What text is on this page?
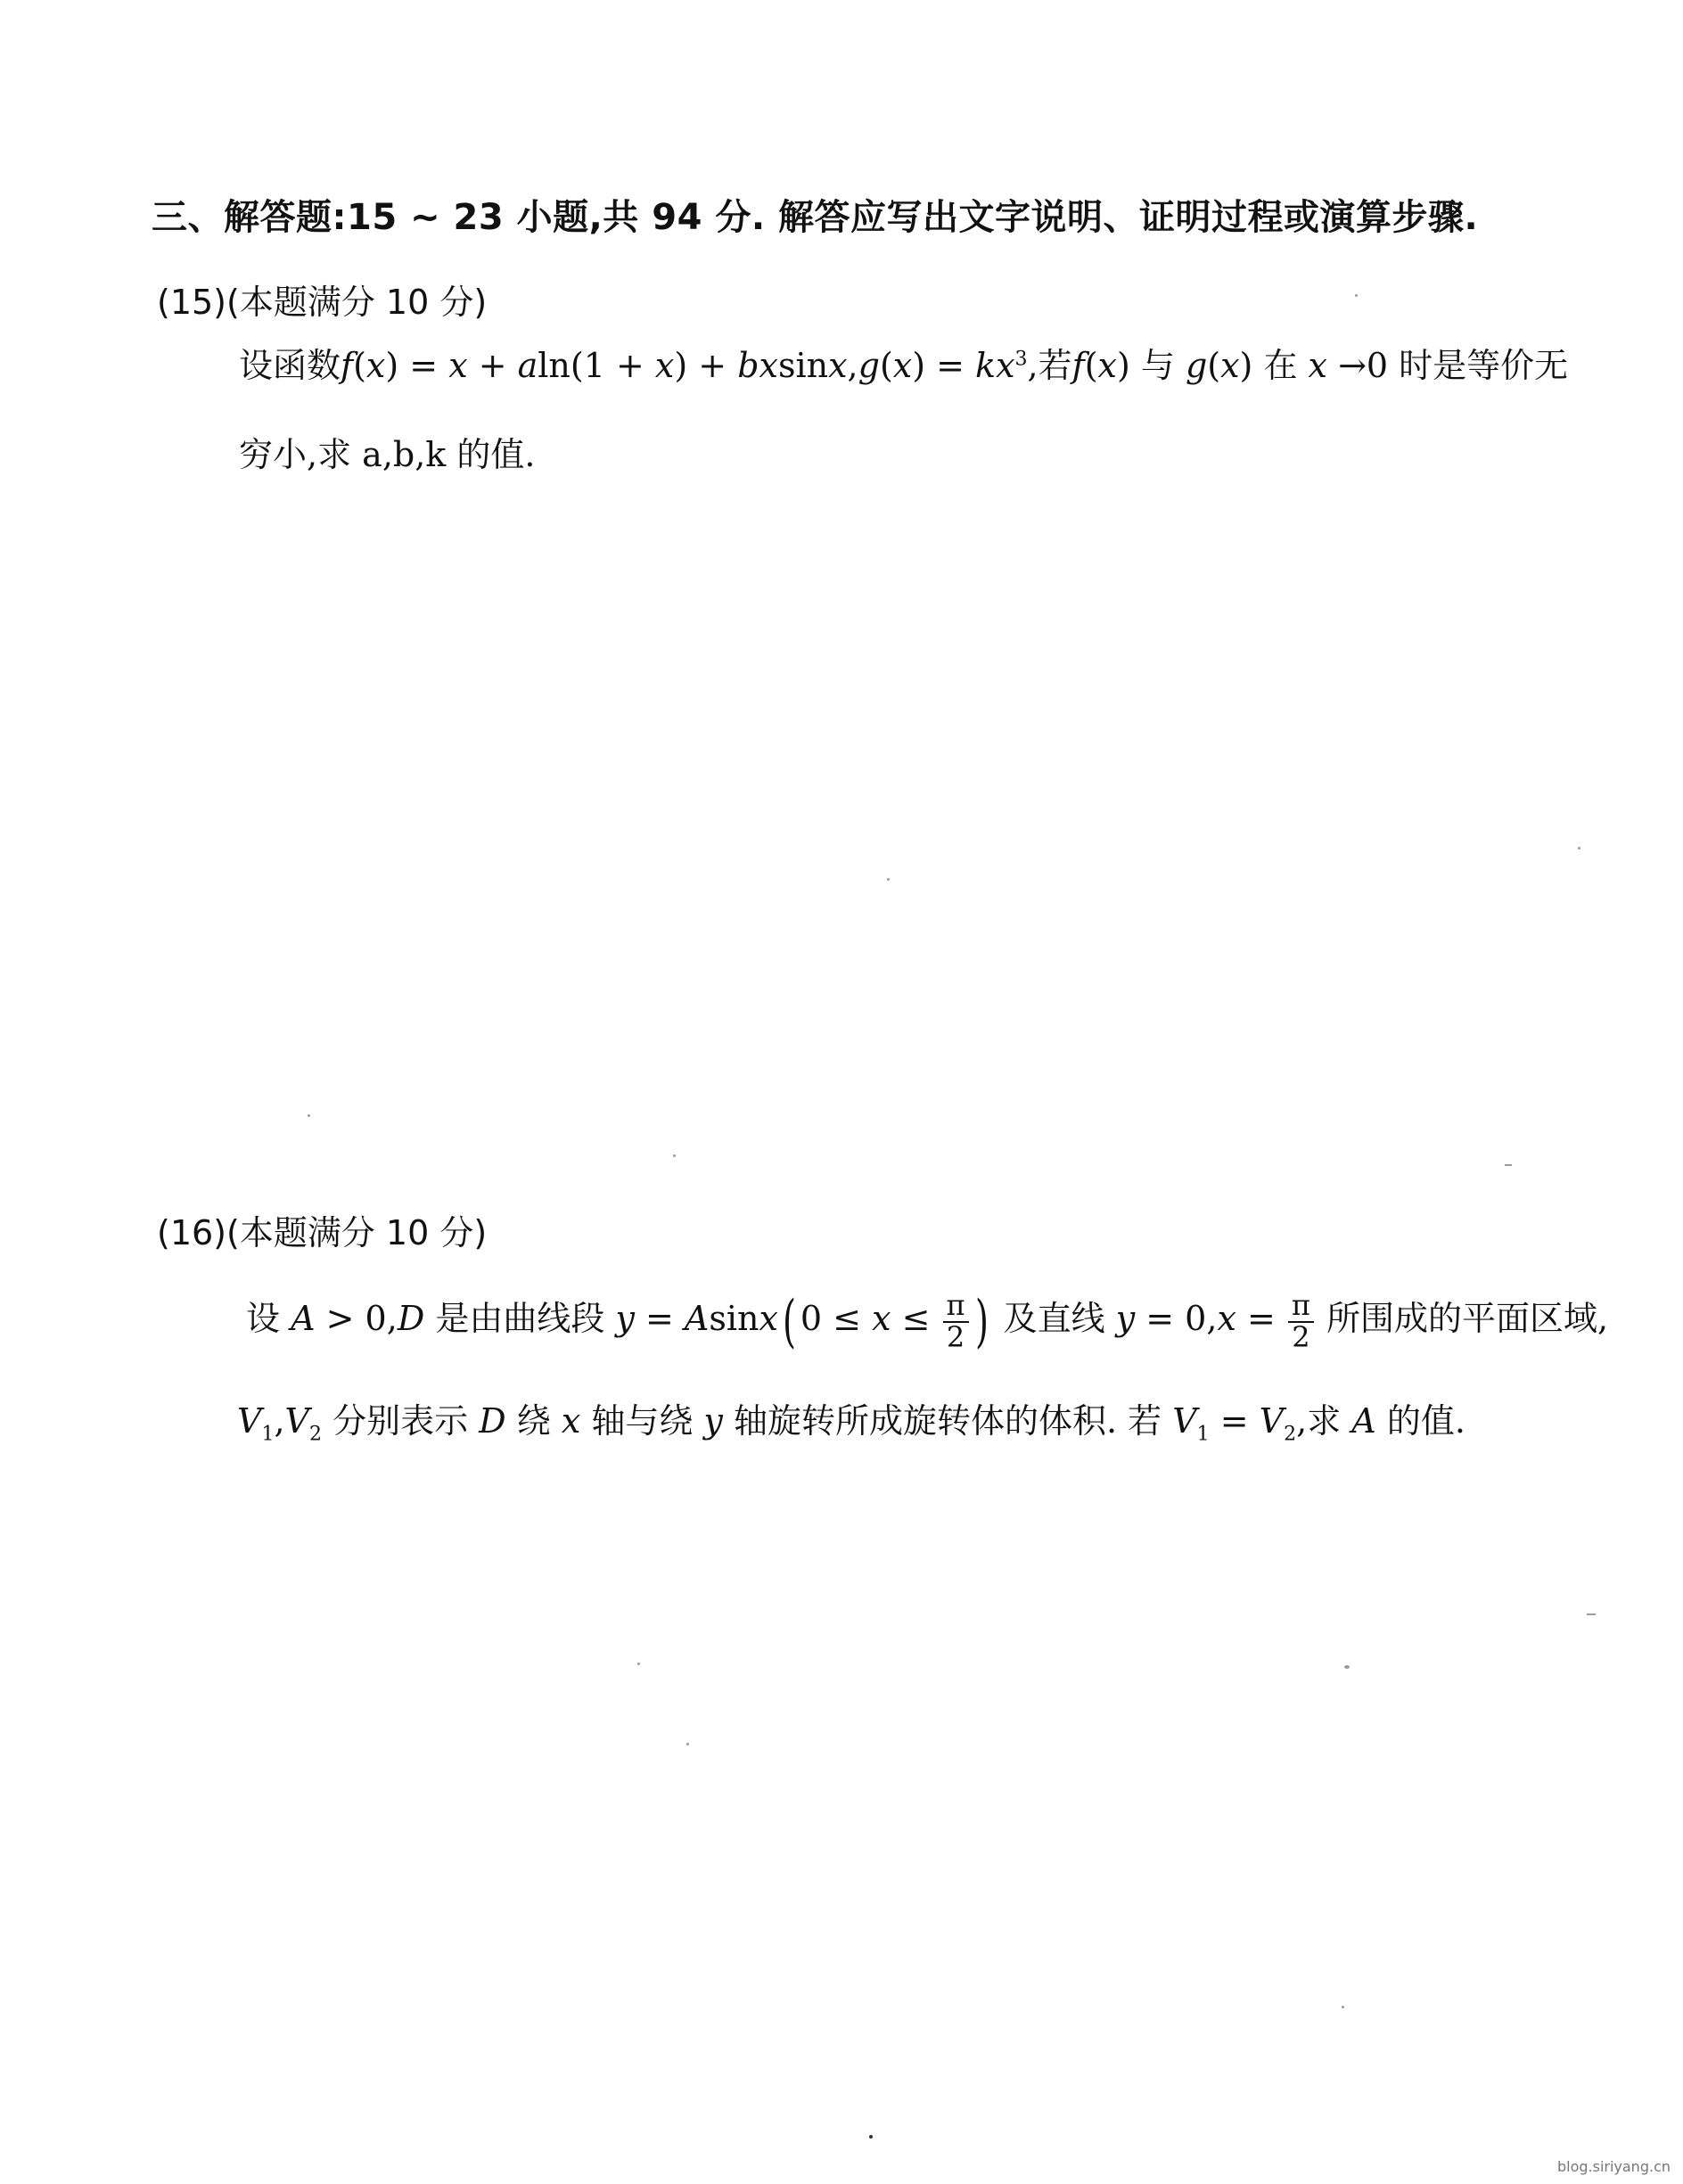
三、解答题:15 ~ 23 小题,共 94 分. 解答应写出文字说明、证明过程或演算步骤.
(15)(本题满分 10 分)
设函数$f(x) = x + aln(1 + x) + bxsinx,g(x) = kx^3$,若f(x) 与 g(x) 在 x →0 时是等价无
穷小,求 a,b,k 的值.
(16)(本题满分 10 分)
设 A > 0,D 是由曲线段 y = Asinx( $0 \le x \le \frac{\pi}{2}$ ) 及直线 $y = 0,x = \frac{\pi}{2}$ 所围成的平面区域,
$V_1,V_2$ 分别表示 D 绕 x 轴与绕 y 轴旋转所成旋转体的体积. 若 $V_1 = V_2$,求 A 的值.
blog.siriyang.cn
